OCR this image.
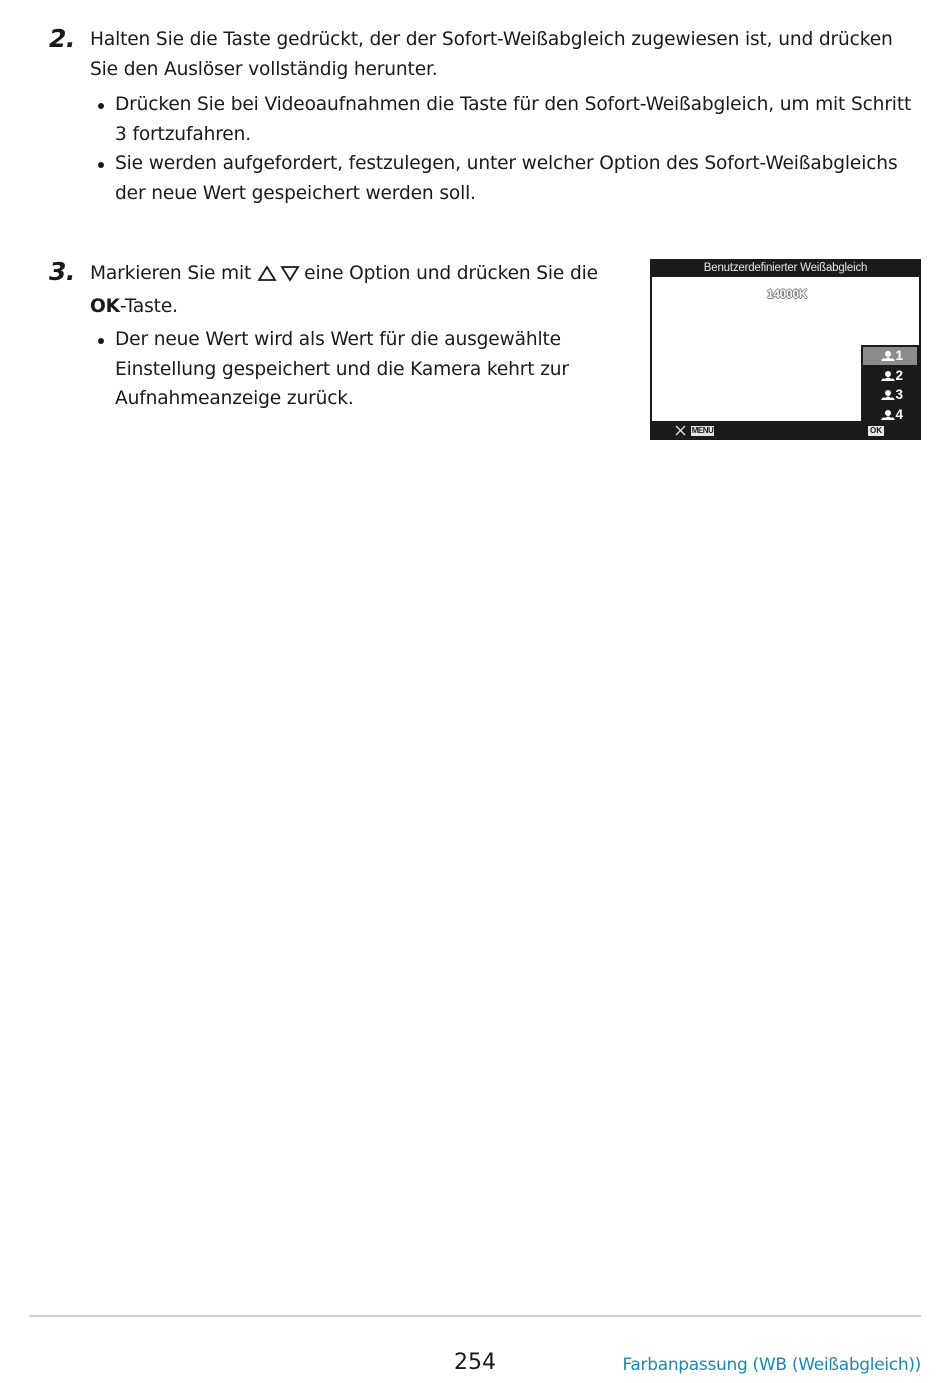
2. Halten Sie die Taste gedrückt, der der Sofort-Weißabgleich zugewiesen ist, und drücken Sie den Auslöser vollständig herunter.
Drücken Sie bei Videoaufnahmen die Taste für den Sofort-Weißabgleich, um mit Schritt 3 fortzufahren.
Sie werden aufgefordert, festzulegen, unter welcher Option des Sofort-Weißabgleichs der neue Wert gespeichert werden soll.
3. Markieren Sie mit	eine Option und drücken Sie die OK-Taste.
Der neue Wert wird als Wert für die ausgewählte Einstellung gespeichert und die Kamera kehrt zur Aufnahmeanzeige zurück.
Benutzerdefinierter Weißabgleich
14000K
1
2
3
4
MENU	OK
254	Farbanpassung (WB (Weißabgleich))
